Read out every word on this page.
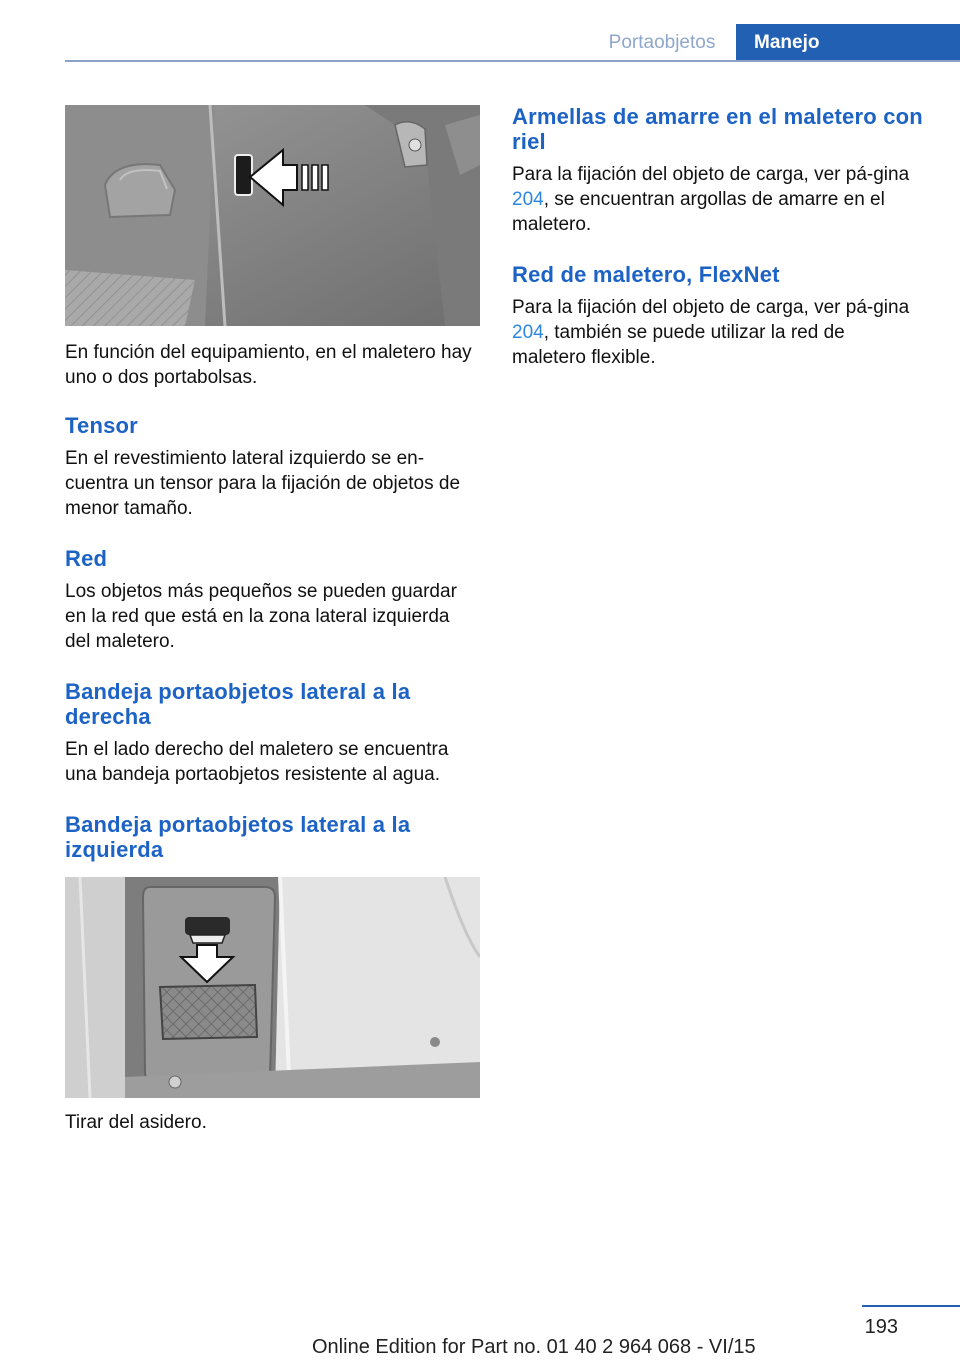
Portaobjetos	Manejo

En función del equipamiento, en el maletero hay uno o dos portabolsas.

Tensor

En el revestimiento lateral izquierdo se en‐cuentra un tensor para la fijación de objetos de menor tamaño.

Red

Los objetos más pequeños se pueden guardar en la red que está en la zona lateral izquierda del maletero.

Bandeja portaobjetos lateral a la derecha

En el lado derecho del maletero se encuentra una bandeja portaobjetos resistente al agua.

Bandeja portaobjetos lateral a la izquierda

Tirar del asidero.

Armellas de amarre en el maletero con riel

Para la fijación del objeto de carga, ver pá‐gina 204, se encuentran argollas de amarre en el maletero.

Red de maletero, FlexNet

Para la fijación del objeto de carga, ver pá‐gina 204, también se puede utilizar la red de maletero flexible.

193
Online Edition for Part no. 01 40 2 964 068 - VI/15
